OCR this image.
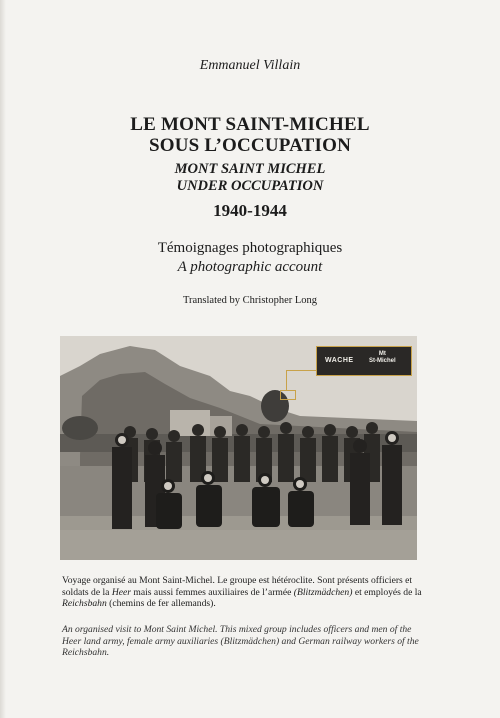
Emmanuel Villain
LE MONT SAINT-MICHEL
SOUS L’OCCUPATION
MONT SAINT MICHEL
UNDER OCCUPATION
1940-1944
Témoignages photographiques
A photographic account
Translated by Christopher Long
WACHE
Mt
St-Michel
Voyage organisé au Mont Saint-Michel. Le groupe est hétéroclite. Sont présents officiers et
soldats de la Heer mais aussi femmes auxiliaires de l’armée (Blitzmädchen) et employés de la
Reichsbahn (chemins de fer allemands).
An organised visit to Mont Saint Michel. This mixed group includes officers and men of the
Heer land army, female army auxiliaries (Blitzmädchen) and German railway workers of the
Reichsbahn.
